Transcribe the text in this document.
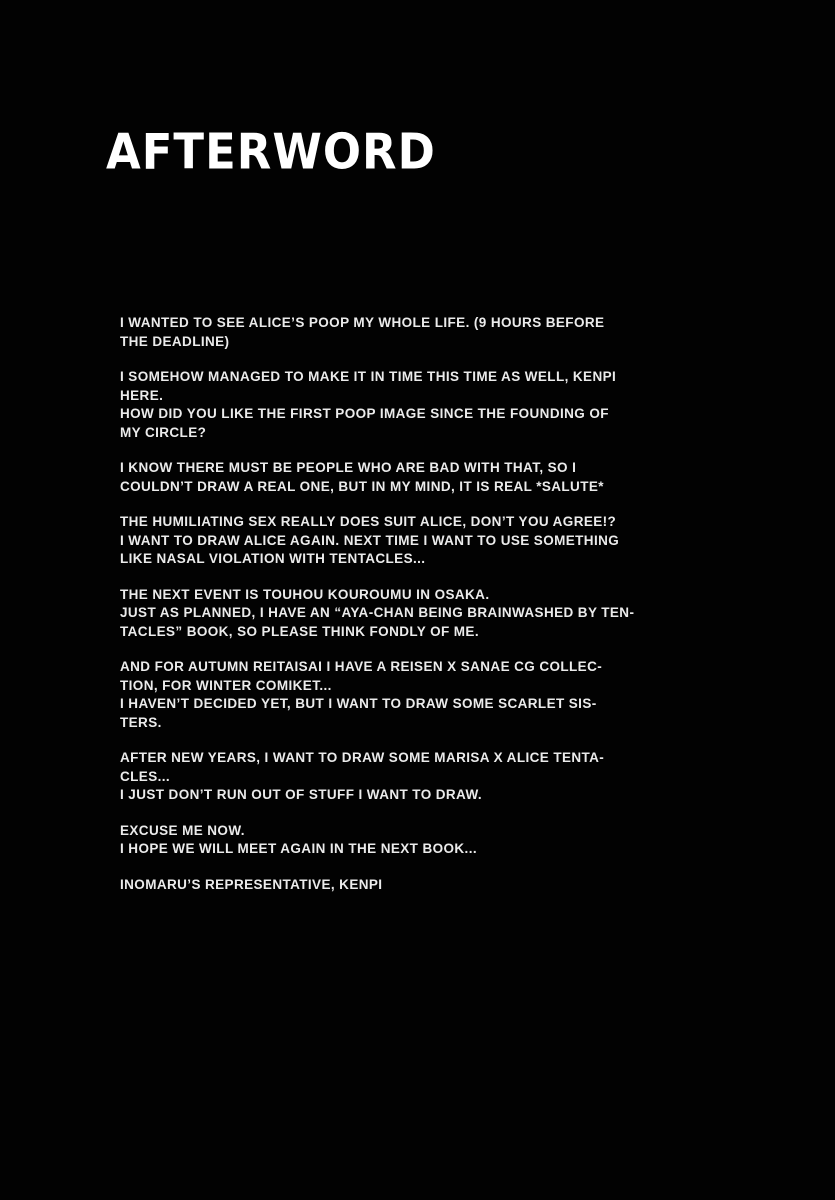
AFTERWORD
I WANTED TO SEE ALICE’S POOP MY WHOLE LIFE. (9 HOURS BEFORE
THE DEADLINE)
I SOMEHOW MANAGED TO MAKE IT IN TIME THIS TIME AS WELL, KENPI
HERE.
HOW DID YOU LIKE THE FIRST POOP IMAGE SINCE THE FOUNDING OF
MY CIRCLE?
I KNOW THERE MUST BE PEOPLE WHO ARE BAD WITH THAT, SO I
COULDN’T DRAW A REAL ONE, BUT IN MY MIND, IT IS REAL *SALUTE*
THE HUMILIATING SEX REALLY DOES SUIT ALICE, DON’T YOU AGREE!?
I WANT TO DRAW ALICE AGAIN. NEXT TIME I WANT TO USE SOMETHING
LIKE NASAL VIOLATION WITH TENTACLES...
THE NEXT EVENT IS TOUHOU KOUROUMU IN OSAKA.
JUST AS PLANNED, I HAVE AN “AYA-CHAN BEING BRAINWASHED BY TEN-
TACLES” BOOK, SO PLEASE THINK FONDLY OF ME.
AND FOR AUTUMN REITAISAI I HAVE A REISEN X SANAE CG COLLEC-
TION, FOR WINTER COMIKET...
I HAVEN’T DECIDED YET, BUT I WANT TO DRAW SOME SCARLET SIS-
TERS.
AFTER NEW YEARS, I WANT TO DRAW SOME MARISA X ALICE TENTA-
CLES...
I JUST DON’T RUN OUT OF STUFF I WANT TO DRAW.
EXCUSE ME NOW.
I HOPE WE WILL MEET AGAIN IN THE NEXT BOOK...
INOMARU’S REPRESENTATIVE, KENPI
